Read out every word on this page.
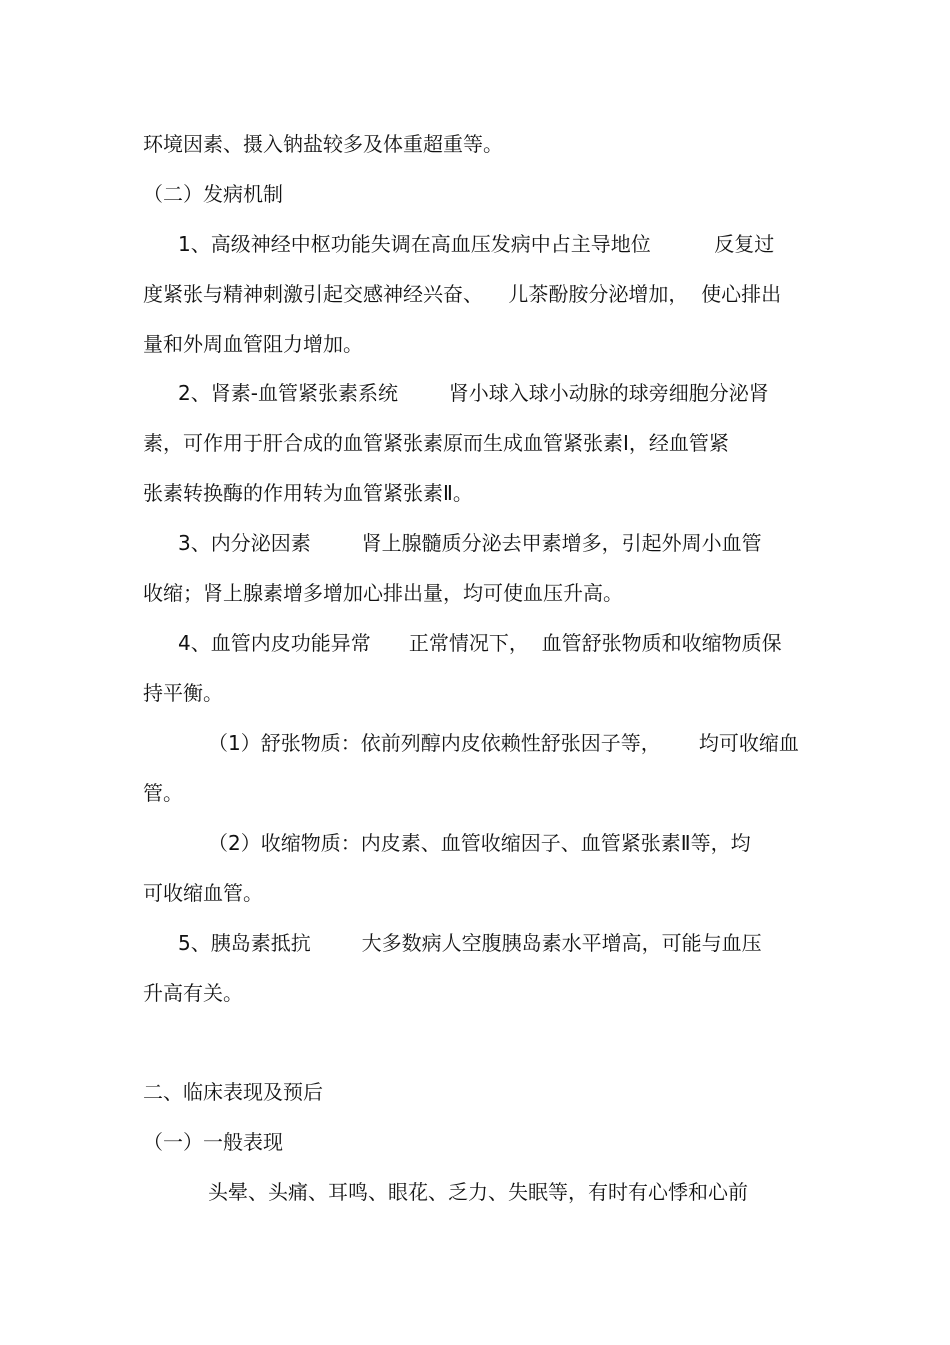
环境因素、摄入钠盐较多及体重超重等。
（二）发病机制
1、高级神经中枢功能失调在高血压发病中占主导地位          反复过
度紧张与精神刺激引起交感神经兴奋、    儿茶酚胺分泌增加，  使心排出
量和外周血管阻力增加。
2、肾素-血管紧张素系统        肾小球入球小动脉的球旁细胞分泌肾
素，可作用于肝合成的血管紧张素原而生成血管紧张素Ⅰ，经血管紧
张素转换酶的作用转为血管紧张素Ⅱ。
3、内分泌因素        肾上腺髓质分泌去甲素增多，引起外周小血管
收缩；肾上腺素增多增加心排出量，均可使血压升高。
4、血管内皮功能异常      正常情况下，  血管舒张物质和收缩物质保
持平衡。
（1）舒张物质：依前列醇内皮依赖性舒张因子等，      均可收缩血
管。
（2）收缩物质：内皮素、血管收缩因子、血管紧张素Ⅱ等，均
可收缩血管。
5、胰岛素抵抗        大多数病人空腹胰岛素水平增高，可能与血压
升高有关。
二、临床表现及预后
（一）一般表现
头晕、头痛、耳鸣、眼花、乏力、失眠等，有时有心悸和心前
